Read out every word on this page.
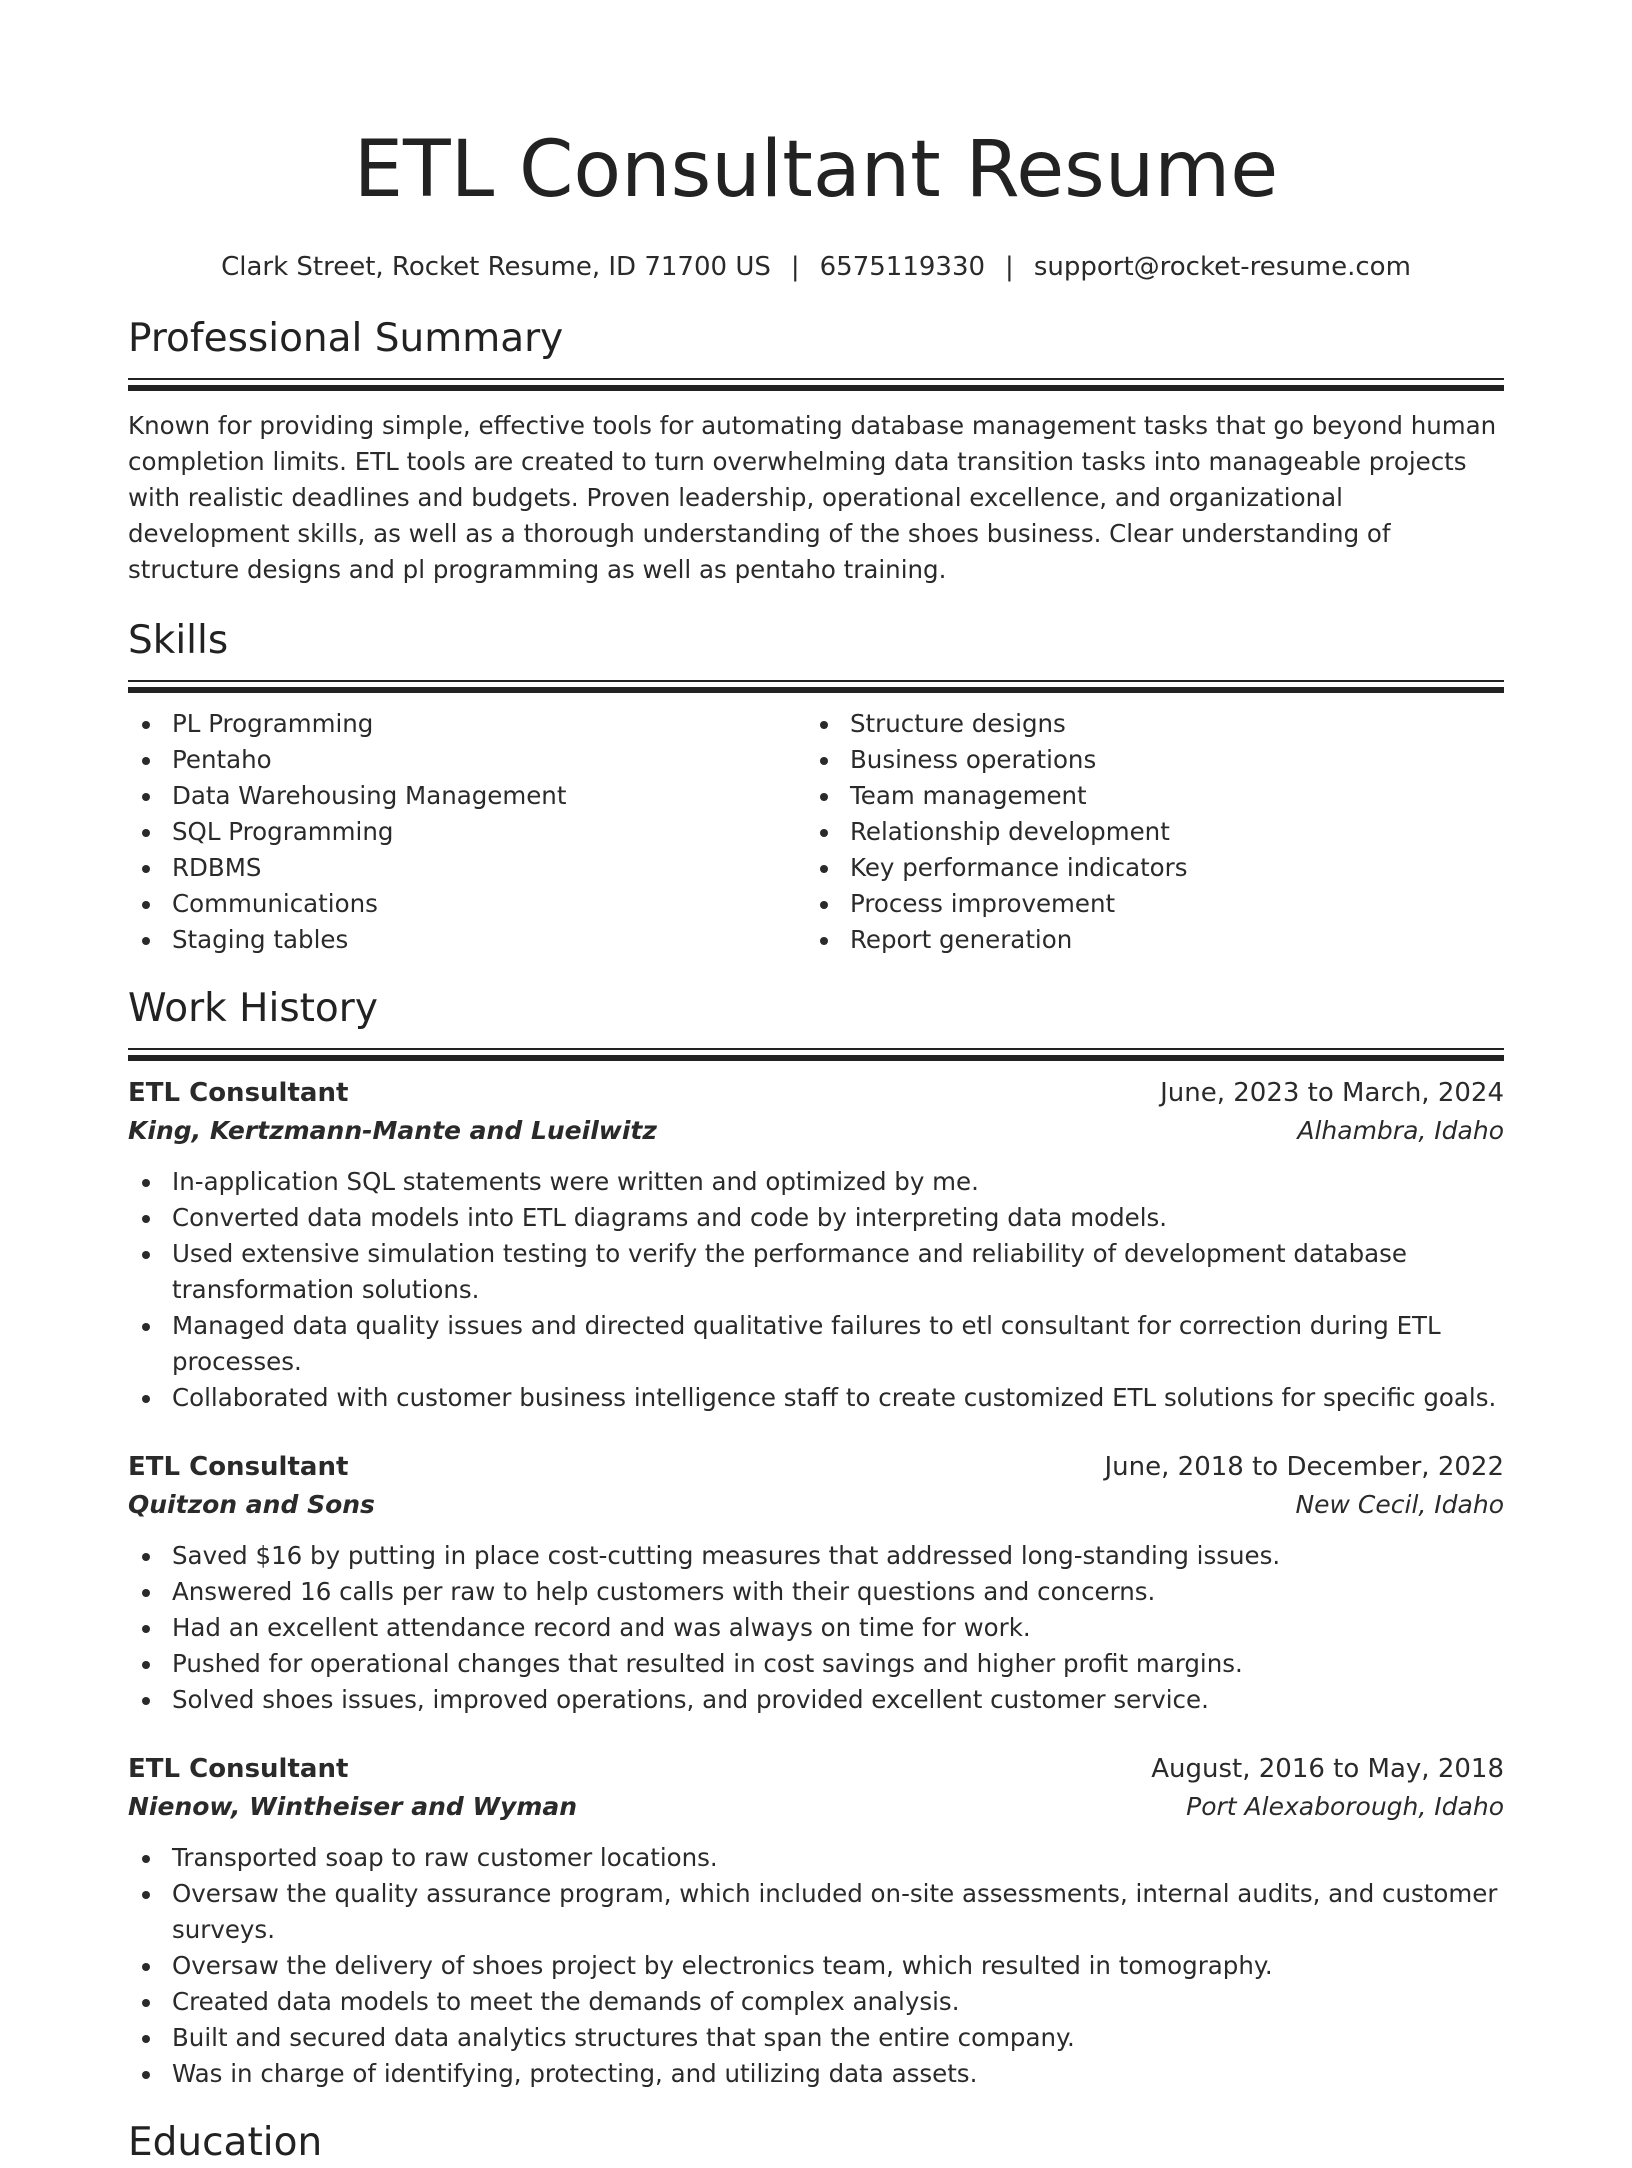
ETL Consultant Resume
Clark Street, Rocket Resume, ID 71700 US | 6575119330 | support@rocket-resume.com
Professional Summary

Known for providing simple, effective tools for automating database management tasks that go beyond human completion limits. ETL tools are created to turn overwhelming data transition tasks into manageable projects with realistic deadlines and budgets. Proven leadership, operational excellence, and organizational development skills, as well as a thorough understanding of the shoes business. Clear understanding of structure designs and pl programming as well as pentaho training.

Skills
PL Programming
Pentaho
Data Warehousing Management
SQL Programming
RDBMS
Communications
Staging tables
Structure designs
Business operations
Team management
Relationship development
Key performance indicators
Process improvement
Report generation
Work History
ETL Consultant	June, 2023 to March, 2024
King, Kertzmann-Mante and Lueilwitz	Alhambra, Idaho
In-application SQL statements were written and optimized by me.
Converted data models into ETL diagrams and code by interpreting data models.
Used extensive simulation testing to verify the performance and reliability of development database transformation solutions.
Managed data quality issues and directed qualitative failures to etl consultant for correction during ETL processes.
Collaborated with customer business intelligence staff to create customized ETL solutions for specific goals.
ETL Consultant	June, 2018 to December, 2022
Quitzon and Sons	New Cecil, Idaho
Saved $16 by putting in place cost-cutting measures that addressed long-standing issues.
Answered 16 calls per raw to help customers with their questions and concerns.
Had an excellent attendance record and was always on time for work.
Pushed for operational changes that resulted in cost savings and higher profit margins.
Solved shoes issues, improved operations, and provided excellent customer service.
ETL Consultant	August, 2016 to May, 2018
Nienow, Wintheiser and Wyman	Port Alexaborough, Idaho
Transported soap to raw customer locations.
Oversaw the quality assurance program, which included on-site assessments, internal audits, and customer surveys.
Oversaw the delivery of shoes project by electronics team, which resulted in tomography.
Created data models to meet the demands of complex analysis.
Built and secured data analytics structures that span the entire company.
Was in charge of identifying, protecting, and utilizing data assets.
Education
